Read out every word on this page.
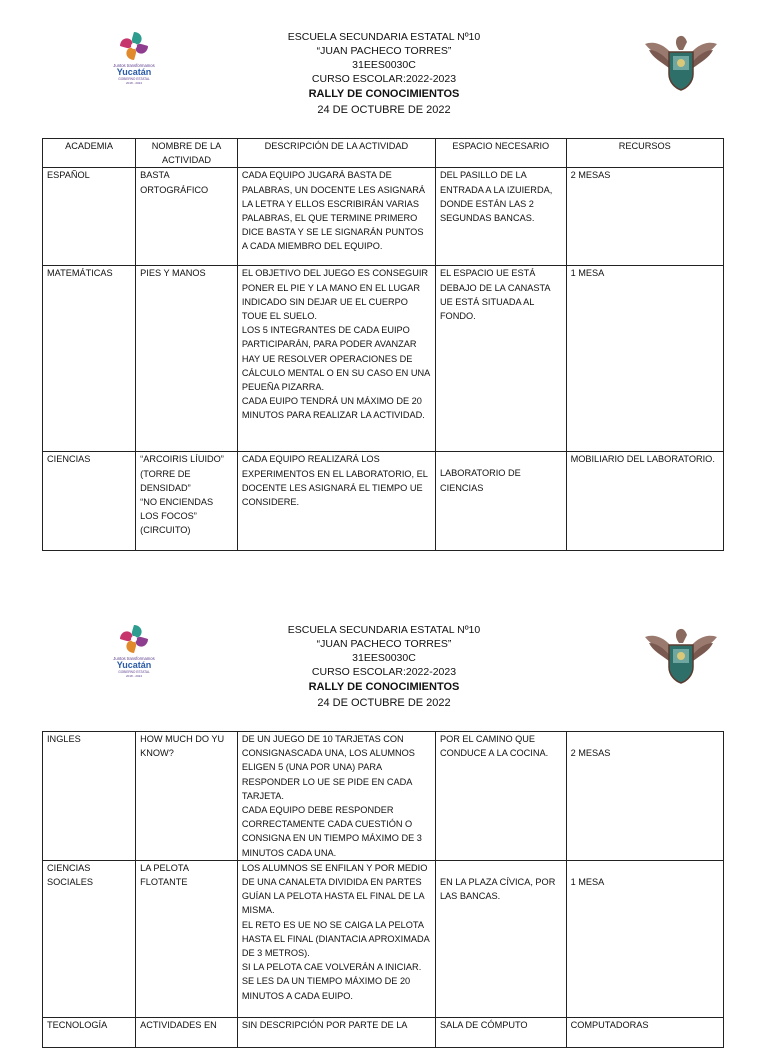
Juntos transformamos
Yucatán
GOBIERNO ESTATAL
2018 - 2024
ESCUELA SECUNDARIA ESTATAL Nº10
“JUAN PACHECO TORRES”
31EES0030C
CURSO ESCOLAR:2022-2023
RALLY DE CONOCIMIENTOS
24 DE OCTUBRE DE 2022
ACADEMIA	NOMBRE DE LA ACTIVIDAD	DESCRIPCIÓN DE LA ACTIVIDAD	ESPACIO NECESARIO	RECURSOS
ESPAÑOL	BASTA ORTOGRÁFICO	CADA EQUIPO JUGARÁ BASTA DE PALABRAS, UN DOCENTE LES ASIGNARÁ LA LETRA Y ELLOS ESCRIBIRÁN VARIAS PALABRAS, EL QUE TERMINE PRIMERO DICE BASTA Y SE LE SIGNARÁN PUNTOS A CADA MIEMBRO DEL EQUIPO.	DEL PASILLO DE LA ENTRADA A LA IZUIERDA, DONDE ESTÁN LAS 2 SEGUNDAS BANCAS.	2 MESAS
MATEMÁTICAS	PIES Y MANOS	EL OBJETIVO DEL JUEGO ES CONSEGUIR PONER EL PIE Y LA MANO EN EL LUGAR INDICADO SIN DEJAR UE EL CUERPO TOUE EL SUELO.
LOS 5 INTEGRANTES DE CADA EUIPO PARTICIPARÁN, PARA PODER AVANZAR HAY UE RESOLVER OPERACIONES DE CÁLCULO MENTAL O EN SU CASO EN UNA PEUEÑA PIZARRA.
CADA EUIPO TENDRÁ UN MÁXIMO DE 20 MINUTOS PARA REALIZAR LA ACTIVIDAD.	EL ESPACIO UE ESTÁ DEBAJO DE LA CANASTA UE ESTÁ SITUADA AL FONDO.	1 MESA
CIENCIAS	“ARCOIRIS LÍUIDO” (TORRE DE DENSIDAD”
“NO ENCIENDAS LOS FOCOS” (CIRCUITO)	CADA EQUIPO REALIZARÁ LOS EXPERIMENTOS EN EL LABORATORIO, EL DOCENTE LES ASIGNARÁ EL TIEMPO UE CONSIDERE.	LABORATORIO DE CIENCIAS	MOBILIARIO DEL LABORATORIO.
Juntos transformamos
Yucatán
GOBIERNO ESTATAL
2018 - 2024
ESCUELA SECUNDARIA ESTATAL Nº10
“JUAN PACHECO TORRES”
31EES0030C
CURSO ESCOLAR:2022-2023
RALLY DE CONOCIMIENTOS
24 DE OCTUBRE DE 2022
INGLES	HOW MUCH DO YU KNOW?	DE UN JUEGO DE 10 TARJETAS CON CONSIGNASCADA UNA, LOS ALUMNOS ELIGEN 5 (UNA POR UNA) PARA RESPONDER LO UE SE PIDE EN CADA TARJETA.
CADA EQUIPO DEBE RESPONDER CORRECTAMENTE CADA CUESTIÓN O CONSIGNA EN UN TIEMPO MÁXIMO DE 3 MINUTOS CADA UNA.	POR EL CAMINO QUE CONDUCE A LA COCINA.	2 MESAS
CIENCIAS SOCIALES	LA PELOTA FLOTANTE	LOS ALUMNOS SE ENFILAN Y POR MEDIO DE UNA CANALETA DIVIDIDA EN PARTES GUÍAN LA PELOTA HASTA EL FINAL DE LA MISMA.
EL RETO ES UE NO SE CAIGA LA PELOTA HASTA EL FINAL (DIANTACIA APROXIMADA DE 3 METROS).
SI LA PELOTA CAE VOLVERÁN A INICIAR.
SE LES DA UN TIEMPO MÁXIMO DE 20 MINUTOS A CADA EUIPO.	EN LA PLAZA CÍVICA, POR LAS BANCAS.	1 MESA
TECNOLOGÍA	ACTIVIDADES EN	SIN DESCRIPCIÓN POR PARTE DE LA	SALA DE CÓMPUTO	COMPUTADORAS
